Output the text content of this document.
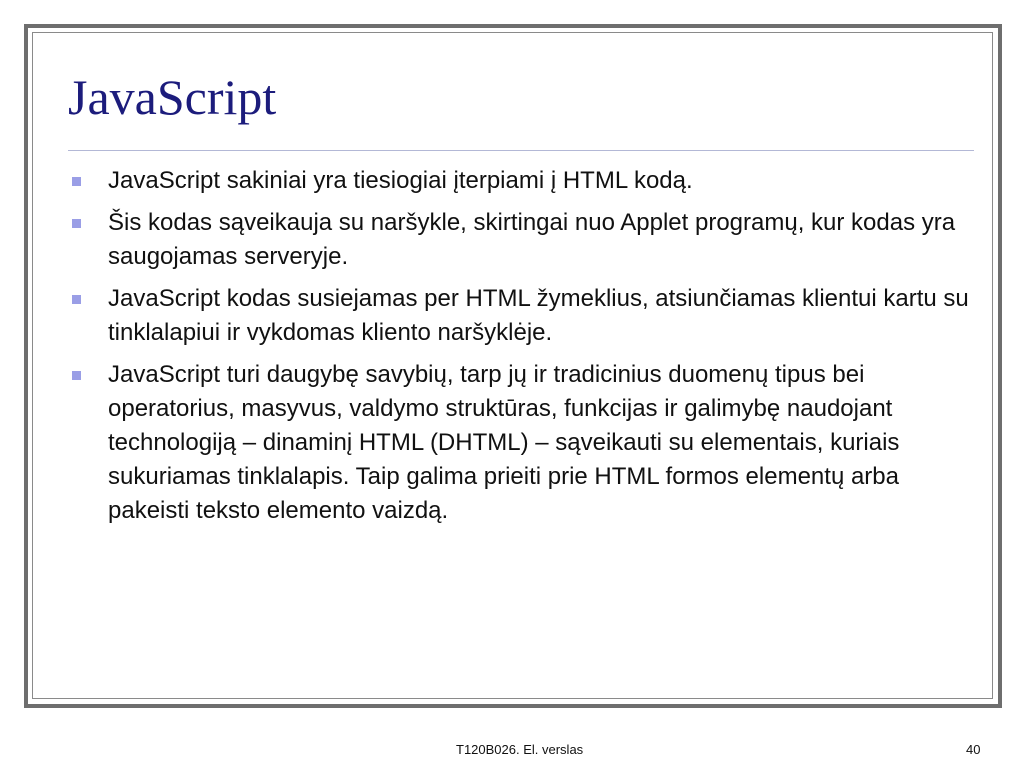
JavaScript
JavaScript sakiniai yra tiesiogiai įterpiami į HTML kodą.
Šis kodas sąveikauja su naršykle, skirtingai nuo Applet programų, kur kodas yra saugojamas serveryje.
JavaScript kodas susiejamas per HTML žymeklius, atsiunčiamas klientui kartu su tinklalapiui ir vykdomas kliento naršyklėje.
JavaScript turi daugybę savybių, tarp jų ir tradicinius duomenų tipus bei operatorius, masyvus, valdymo struktūras, funkcijas ir galimybę naudojant technologiją – dinaminį HTML (DHTML) – sąveikauti su elementais, kuriais sukuriamas tinklalapis. Taip galima prieiti prie HTML formos elementų arba pakeisti teksto elemento vaizdą.
T120B026. El. verslas	40
